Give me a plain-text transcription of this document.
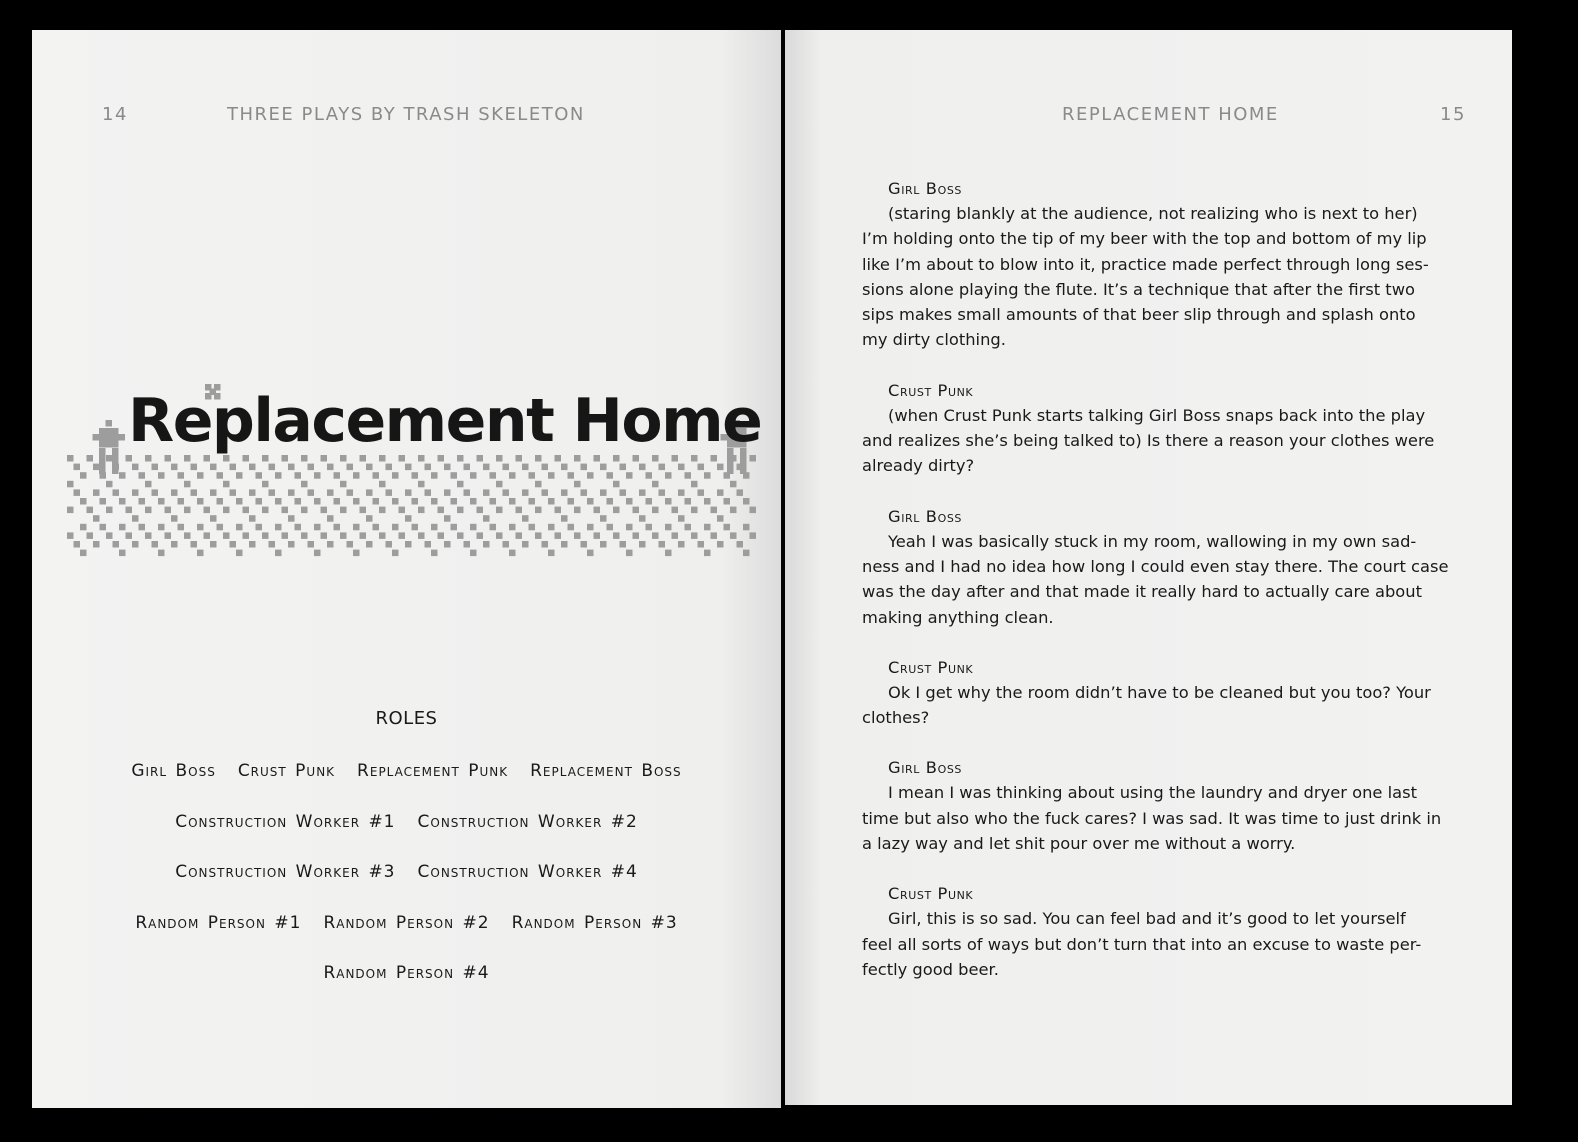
14	THREE PLAYS BY TRASH SKELETON
Replacement Home
ROLES
Girl Boss Crust Punk Replacement Punk Replacement Boss
Construction Worker #1 Construction Worker #2
Construction Worker #3 Construction Worker #4
Random Person #1 Random Person #2 Random Person #3
Random Person #4
REPLACEMENT HOME	15
Girl Boss
(staring blankly at the audience, not realizing who is next to her)
I’m holding onto the tip of my beer with the top and bottom of my lip
like I’m about to blow into it, practice made perfect through long ses-
sions alone playing the flute. It’s a technique that after the first two
sips makes small amounts of that beer slip through and splash onto
my dirty clothing.
Crust Punk
(when Crust Punk starts talking Girl Boss snaps back into the play
and realizes she’s being talked to) Is there a reason your clothes were
already dirty?
Girl Boss
Yeah I was basically stuck in my room, wallowing in my own sad-
ness and I had no idea how long I could even stay there. The court case
was the day after and that made it really hard to actually care about
making anything clean.
Crust Punk
Ok I get why the room didn’t have to be cleaned but you too? Your
clothes?
Girl Boss
I mean I was thinking about using the laundry and dryer one last
time but also who the fuck cares? I was sad. It was time to just drink in
a lazy way and let shit pour over me without a worry.
Crust Punk
Girl, this is so sad. You can feel bad and it’s good to let yourself
feel all sorts of ways but don’t turn that into an excuse to waste per-
fectly good beer.
